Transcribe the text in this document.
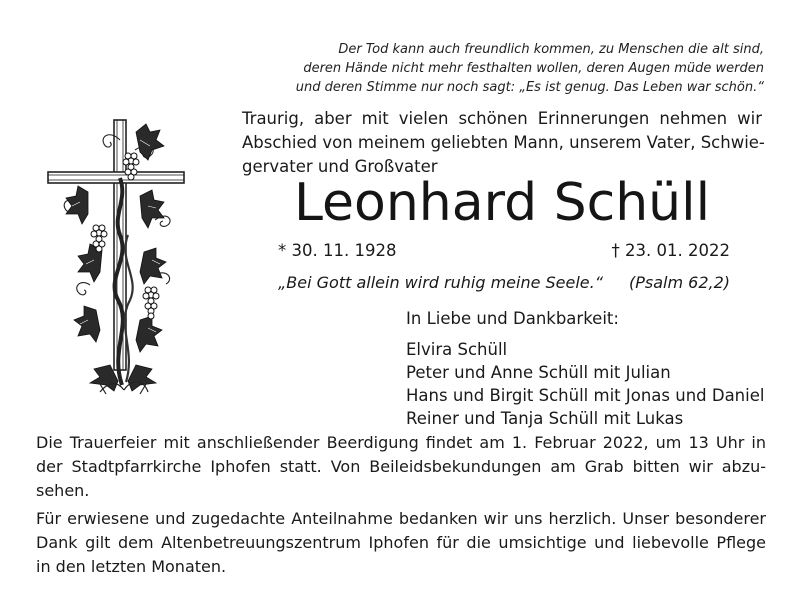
Der Tod kann auch freundlich kommen, zu Menschen die alt sind,
deren Hände nicht mehr festhalten wollen, deren Augen müde werden
und deren Stimme nur noch sagt: „Es ist genug. Das Leben war schön.“
Traurig, aber mit vielen schönen Erinnerungen nehmen wir
Abschied von meinem geliebten Mann, unserem Vater, Schwie-
gervater und Großvater
Leonhard Schüll
* 30. 11. 1928	† 23. 01. 2022
„Bei Gott allein wird ruhig meine Seele.“ (Psalm 62,2)
In Liebe und Dankbarkeit:
Elvira Schüll
Peter und Anne Schüll mit Julian
Hans und Birgit Schüll mit Jonas und Daniel
Reiner und Tanja Schüll mit Lukas

Die Trauerfeier mit anschließender Beerdigung findet am 1. Februar 2022, um 13 Uhr in
der Stadtpfarrkirche Iphofen statt. Von Beileidsbekundungen am Grab bitten wir abzu-
sehen.

Für erwiesene und zugedachte Anteilnahme bedanken wir uns herzlich. Unser besonderer
Dank gilt dem Altenbetreuungszentrum Iphofen für die umsichtige und liebevolle Pflege
in den letzten Monaten.
